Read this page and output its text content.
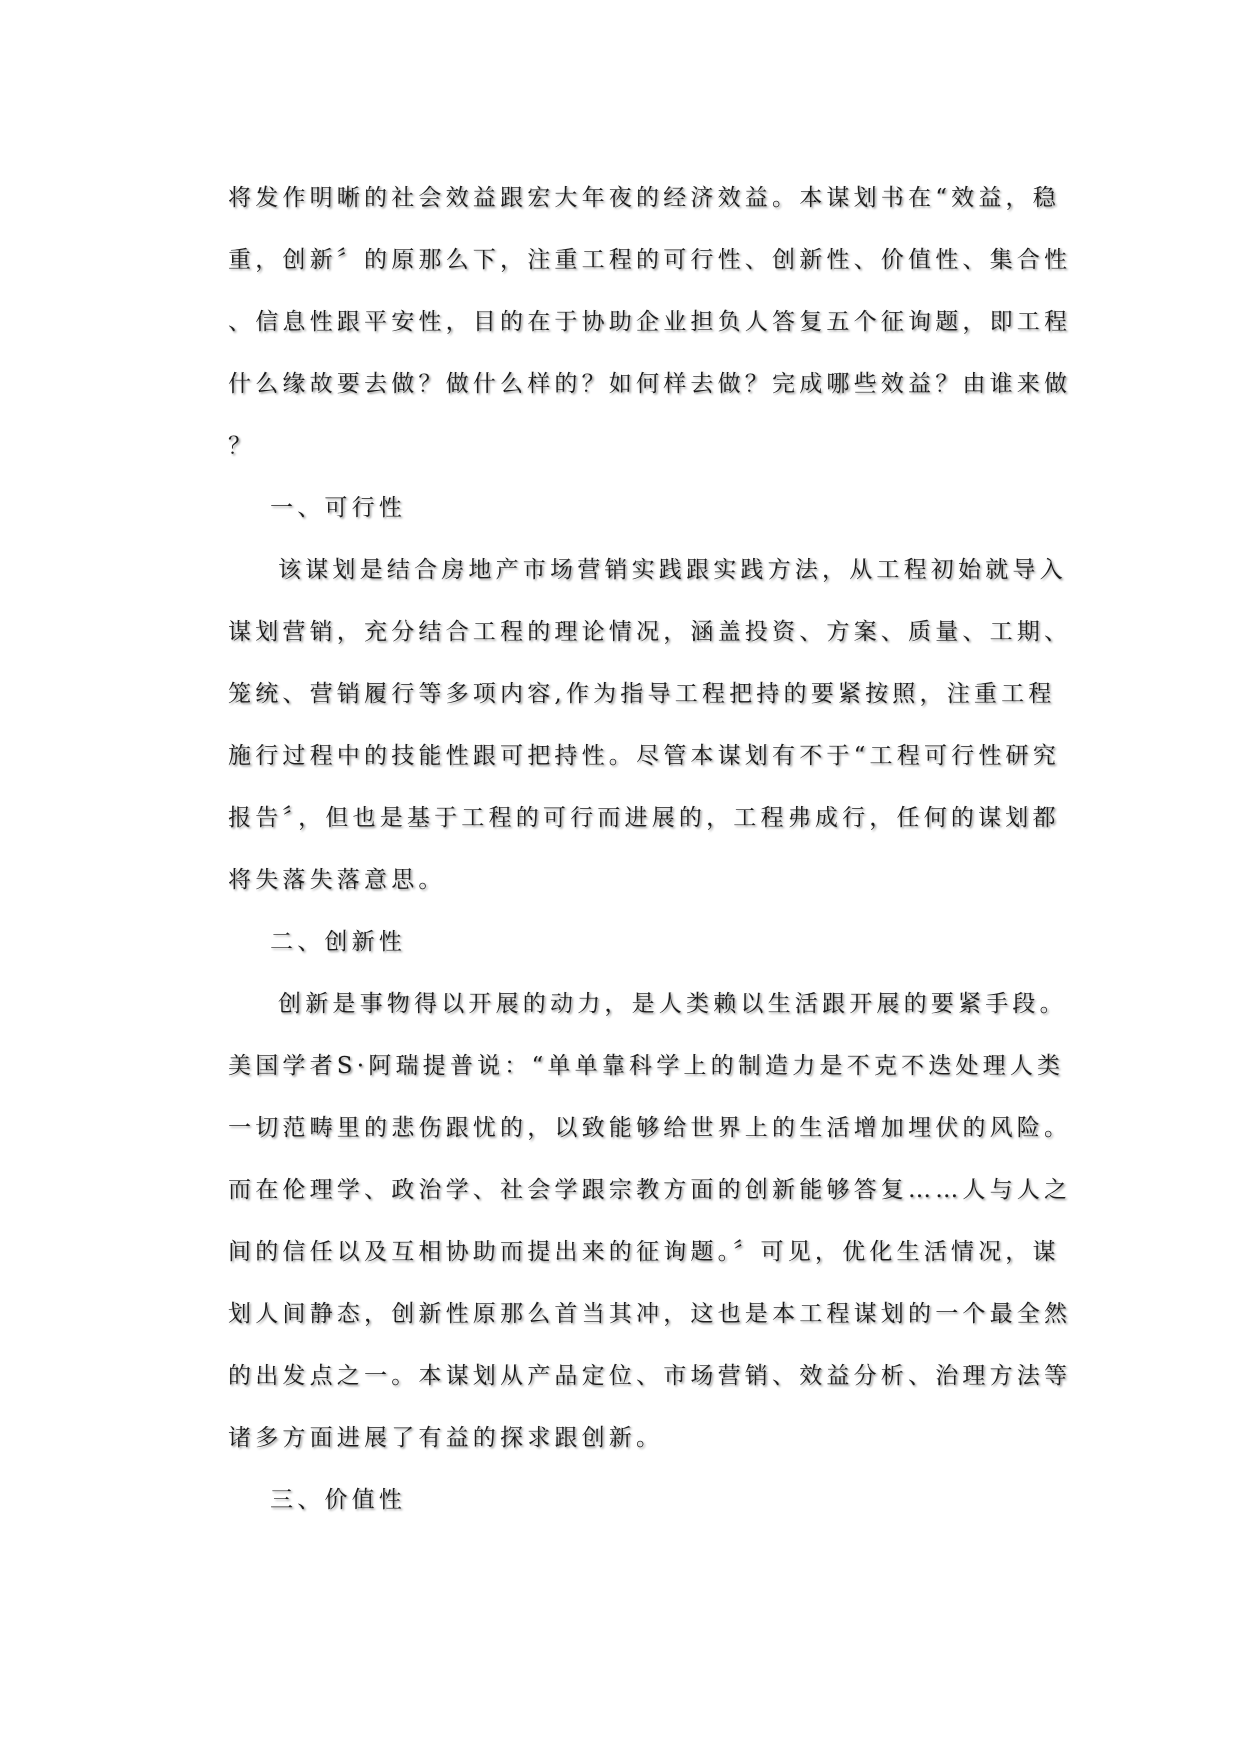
将发作明晰的社会效益跟宏大年夜的经济效益。本谋划书在“效益，稳
重，创新〞的原那么下，注重工程的可行性、创新性、价值性、集合性
、信息性跟平安性，目的在于协助企业担负人答复五个征询题，即工程
什么缘故要去做？做什么样的？如何样去做？完成哪些效益？由谁来做
？
一、可行性
该谋划是结合房地产市场营销实践跟实践方法，从工程初始就导入
谋划营销，充分结合工程的理论情况，涵盖投资、方案、质量、工期、
笼统、营销履行等多项内容,作为指导工程把持的要紧按照，注重工程
施行过程中的技能性跟可把持性。尽管本谋划有不于“工程可行性研究
报告〞，但也是基于工程的可行而进展的，工程弗成行，任何的谋划都
将失落失落意思。
二、创新性
创新是事物得以开展的动力，是人类赖以生活跟开展的要紧手段。
美国学者S·阿瑞提普说：“单单靠科学上的制造力是不克不迭处理人类
一切范畴里的悲伤跟忧的，以致能够给世界上的生活增加埋伏的风险。
而在伦理学、政治学、社会学跟宗教方面的创新能够答复……人与人之
间的信任以及互相协助而提出来的征询题。〞可见，优化生活情况，谋
划人间静态，创新性原那么首当其冲，这也是本工程谋划的一个最全然
的出发点之一。本谋划从产品定位、市场营销、效益分析、治理方法等
诸多方面进展了有益的探求跟创新。
三、价值性
